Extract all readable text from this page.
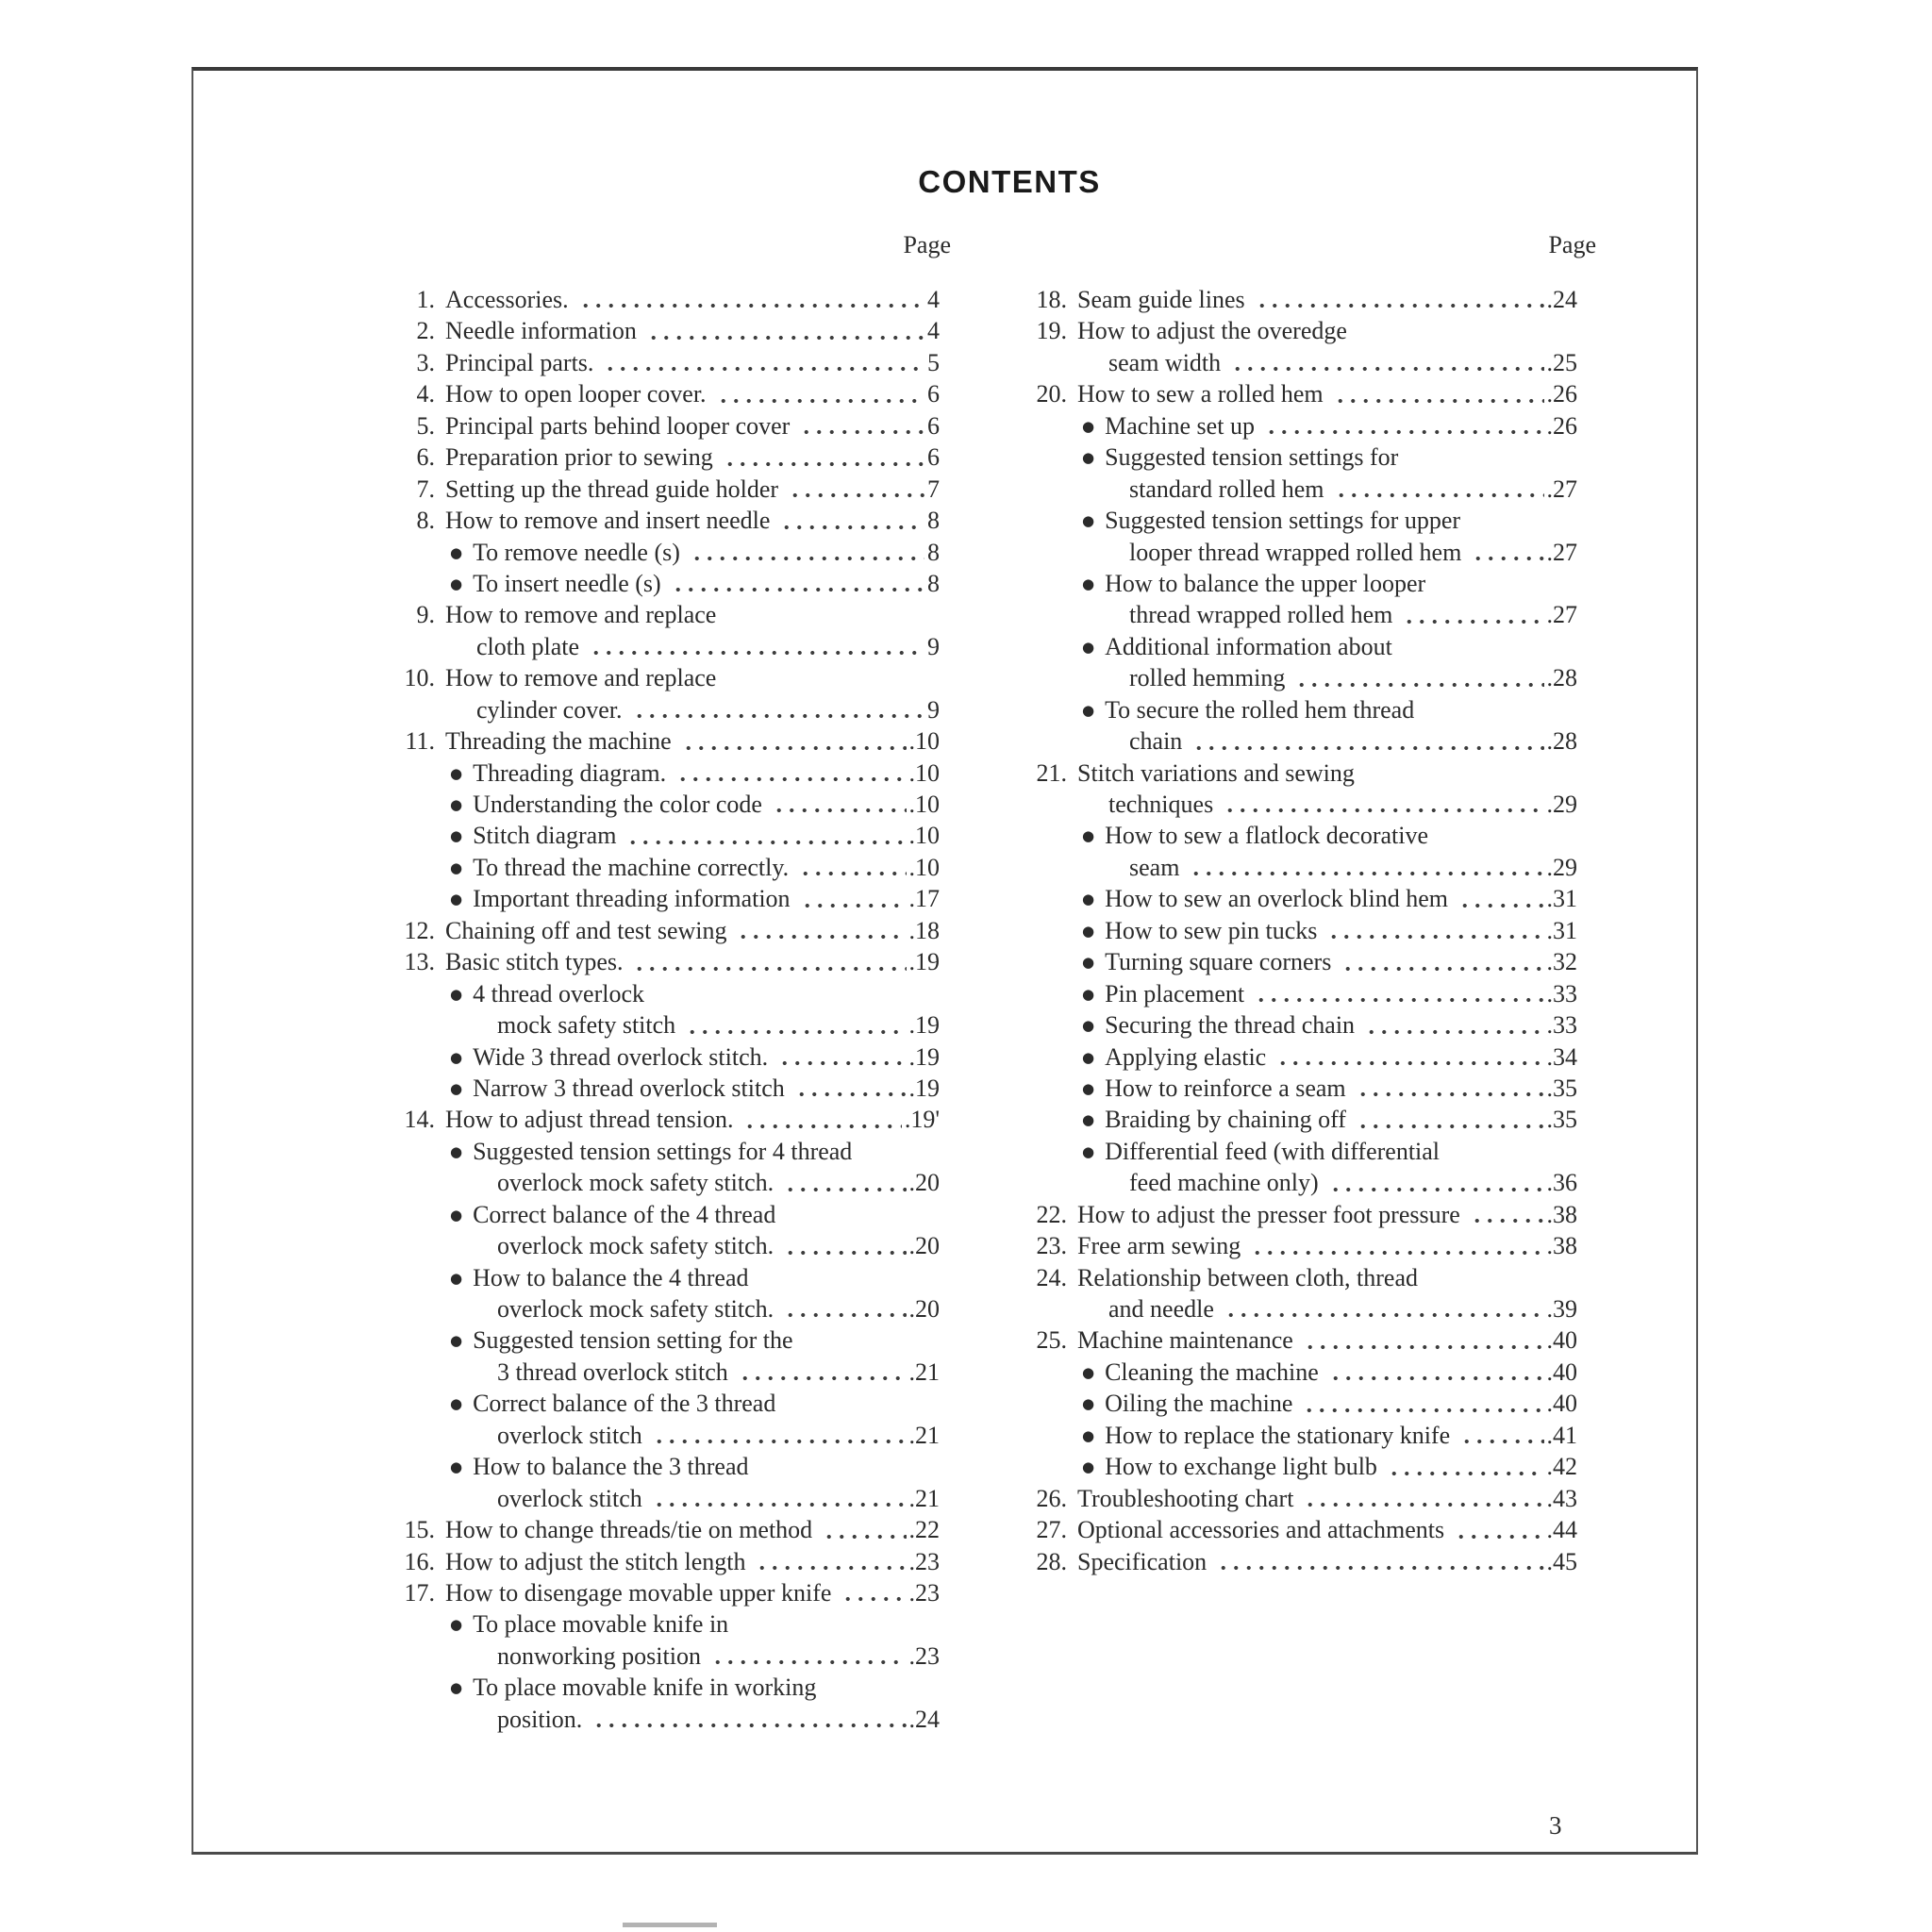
CONTENTS
Page	Page
1. Accessories.	4
2. Needle information	4
3. Principal parts.	5
4. How to open looper cover.	6
5. Principal parts behind looper cover	6
6. Preparation prior to sewing	6
7. Setting up the thread guide holder	7
8. How to remove and insert needle	8
● To remove needle (s)	8
● To insert needle (s)	8
9. How to remove and replace
cloth plate	9
10. How to remove and replace
cylinder cover.	9
11. Threading the machine	.10
● Threading diagram.	.10
● Understanding the color code	.10
● Stitch diagram	.10
● To thread the machine correctly.	.10
● Important threading information	.17
12. Chaining off and test sewing	.18
13. Basic stitch types.	.19
● 4 thread overlock
mock safety stitch	.19
● Wide 3 thread overlock stitch.	.19
● Narrow 3 thread overlock stitch	.19
14. How to adjust thread tension.	.19'
● Suggested tension settings for 4 thread
overlock mock safety stitch.	.20
● Correct balance of the 4 thread
overlock mock safety stitch.	.20
● How to balance the 4 thread
overlock mock safety stitch.	.20
● Suggested tension setting for the
3 thread overlock stitch	.21
● Correct balance of the 3 thread
overlock stitch	.21
● How to balance the 3 thread
overlock stitch	.21
15. How to change threads/tie on method	.22
16. How to adjust the stitch length	.23
17. How to disengage movable upper knife	.23
● To place movable knife in
nonworking position	.23
● To place movable knife in working
position.	.24
18. Seam guide lines	.24
19. How to adjust the overedge
seam width	.25
20. How to sew a rolled hem	.26
● Machine set up	.26
● Suggested tension settings for
standard rolled hem	.27
● Suggested tension settings for upper
looper thread wrapped rolled hem	.27
● How to balance the upper looper
thread wrapped rolled hem	.27
● Additional information about
rolled hemming	.28
● To secure the rolled hem thread
chain	.28
21. Stitch variations and sewing
techniques	.29
● How to sew a flatlock decorative
seam	.29
● How to sew an overlock blind hem	.31
● How to sew pin tucks	.31
● Turning square corners	.32
● Pin placement	.33
● Securing the thread chain	.33
● Applying elastic	.34
● How to reinforce a seam	.35
● Braiding by chaining off	.35
● Differential feed (with differential
feed machine only)	.36
22. How to adjust the presser foot pressure	.38
23. Free arm sewing	.38
24. Relationship between cloth, thread
and needle	.39
25. Machine maintenance	.40
● Cleaning the machine	.40
● Oiling the machine	.40
● How to replace the stationary knife	.41
● How to exchange light bulb	.42
26. Troubleshooting chart	.43
27. Optional accessories and attachments	.44
28. Specification	.45
3
